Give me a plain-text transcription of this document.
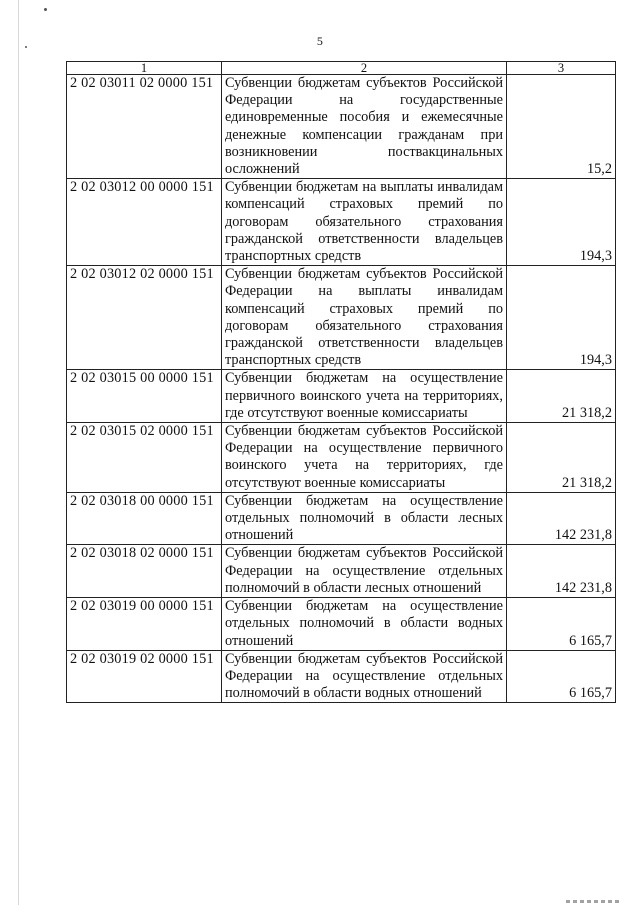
5
1	2	3
2 02 03011 02 0000 151	Субвенции бюджетам субъектов Российской Федерации на государственные единовременные пособия и ежемесячные денежные компенсации гражданам при возникновении поствакцинальных осложнений	15,2
2 02 03012 00 0000 151	Субвенции бюджетам на выплаты инвалидам компенсаций страховых премий по договорам обязательного страхования гражданской ответственности владельцев транспортных средств	194,3
2 02 03012 02 0000 151	Субвенции бюджетам субъектов Российской Федерации на выплаты инвалидам компенсаций страховых премий по договорам обязательного страхования гражданской ответственности владельцев транспортных средств	194,3
2 02 03015 00 0000 151	Субвенции бюджетам на осуществление первичного воинского учета на территориях, где отсутствуют военные комиссариаты	21 318,2
2 02 03015 02 0000 151	Субвенции бюджетам субъектов Российской Федерации на осуществление первичного воинского учета на территориях, где отсутствуют военные комиссариаты	21 318,2
2 02 03018 00 0000 151	Субвенции бюджетам на осуществление отдельных полномочий в области лесных отношений	142 231,8
2 02 03018 02 0000 151	Субвенции бюджетам субъектов Российской Федерации на осуществление отдельных полномочий в области лесных отношений	142 231,8
2 02 03019 00 0000 151	Субвенции бюджетам на осуществление отдельных полномочий в области водных отношений	6 165,7
2 02 03019 02 0000 151	Субвенции бюджетам субъектов Российской Федерации на осуществление отдельных полномочий в области водных отношений	6 165,7
